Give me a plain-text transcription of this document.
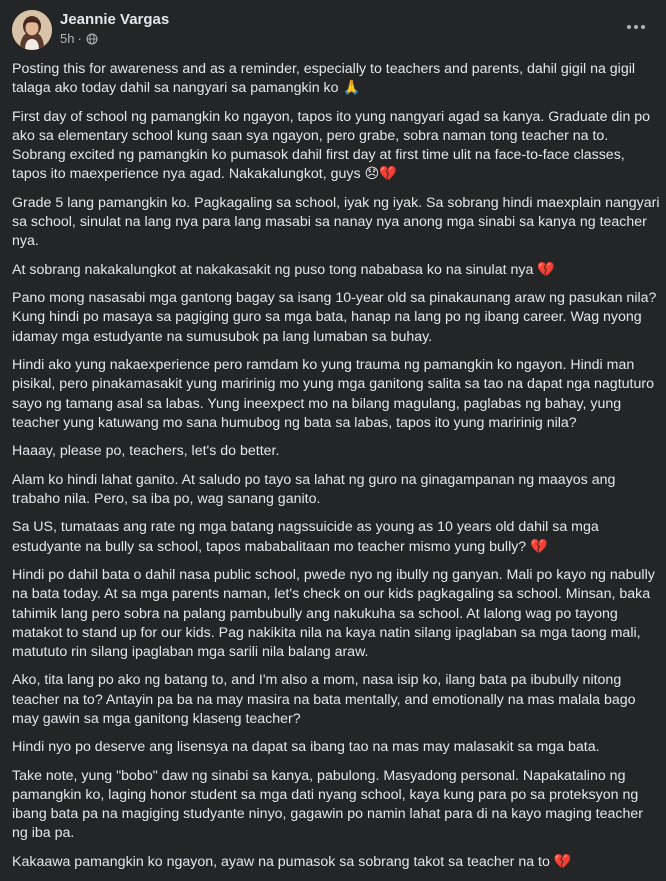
Jeannie Vargas
5h ·

Posting this for awareness and as a reminder, especially to teachers and parents, dahil gigil na gigil talaga ako today dahil sa nangyari sa pamangkin ko 🙏

First day of school ng pamangkin ko ngayon, tapos ito yung nangyari agad sa kanya. Graduate din po ako sa elementary school kung saan sya ngayon, pero grabe, sobra naman tong teacher na to. Sobrang excited ng pamangkin ko pumasok dahil first day at first time ulit na face-to-face classes, tapos ito maexperience nya agad. Nakakalungkot, guys 😞💔

Grade 5 lang pamangkin ko. Pagkagaling sa school, iyak ng iyak. Sa sobrang hindi maexplain nangyari sa school, sinulat na lang nya para lang masabi sa nanay nya anong mga sinabi sa kanya ng teacher nya.

At sobrang nakakalungkot at nakakasakit ng puso tong nababasa ko na sinulat nya 💔

Pano mong nasasabi mga gantong bagay sa isang 10-year old sa pinakaunang araw ng pasukan nila? Kung hindi po masaya sa pagiging guro sa mga bata, hanap na lang po ng ibang career. Wag nyong idamay mga estudyante na sumusubok pa lang lumaban sa buhay.

Hindi ako yung nakaexperience pero ramdam ko yung trauma ng pamangkin ko ngayon. Hindi man pisikal, pero pinakamasakit yung maririnig mo yung mga ganitong salita sa tao na dapat nga nagtuturo sayo ng tamang asal sa labas. Yung ineexpect mo na bilang magulang, paglabas ng bahay, yung teacher yung katuwang mo sana humubog ng bata sa labas, tapos ito yung maririnig nila?

Haaay, please po, teachers, let's do better.

Alam ko hindi lahat ganito. At saludo po tayo sa lahat ng guro na ginagampanan ng maayos ang trabaho nila. Pero, sa iba po, wag sanang ganito.

Sa US, tumataas ang rate ng mga batang nagssuicide as young as 10 years old dahil sa mga estudyante na bully sa school, tapos mababalitaan mo teacher mismo yung bully? 💔

Hindi po dahil bata o dahil nasa public school, pwede nyo ng ibully ng ganyan. Mali po kayo ng nabully na bata today. At sa mga parents naman, let's check on our kids pagkagaling sa school. Minsan, baka tahimik lang pero sobra na palang pambubully ang nakukuha sa school. At lalong wag po tayong matakot to stand up for our kids. Pag nakikita nila na kaya natin silang ipaglaban sa mga taong mali, matututo rin silang ipaglaban mga sarili nila balang araw.

Ako, tita lang po ako ng batang to, and I'm also a mom, nasa isip ko, ilang bata pa ibubully nitong teacher na to? Antayin pa ba na may masira na bata mentally, and emotionally na mas malala bago may gawin sa mga ganitong klaseng teacher?

Hindi nyo po deserve ang lisensya na dapat sa ibang tao na mas may malasakit sa mga bata.

Take note, yung "bobo" daw ng sinabi sa kanya, pabulong. Masyadong personal. Napakatalino ng pamangkin ko, laging honor student sa mga dati nyang school, kaya kung para po sa proteksyon ng ibang bata pa na magiging studyante ninyo, gagawin po namin lahat para di na kayo maging teacher ng iba pa.

Kakaawa pamangkin ko ngayon, ayaw na pumasok sa sobrang takot sa teacher na to 💔
